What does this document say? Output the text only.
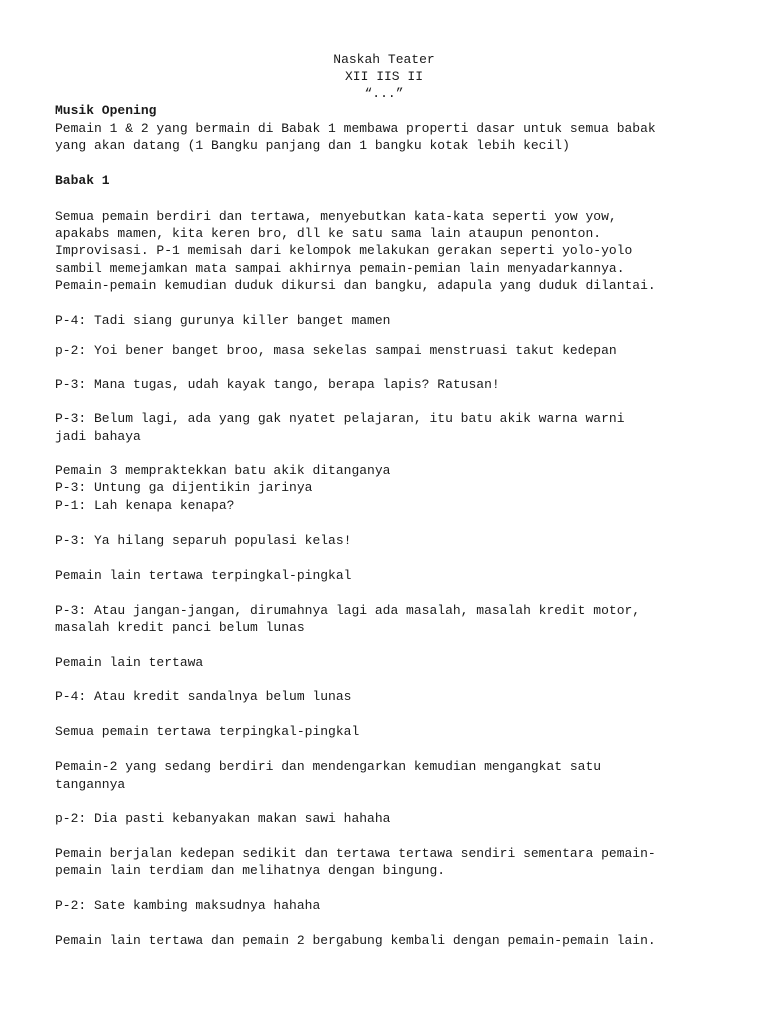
Naskah Teater
XII IIS II
“...”
Musik Opening
Pemain 1 & 2 yang bermain di Babak 1 membawa properti dasar untuk semua babak
yang akan datang (1 Bangku panjang dan 1 bangku kotak lebih kecil)
Babak 1
Semua pemain berdiri dan tertawa, menyebutkan kata-kata seperti yow yow,
apakabs mamen, kita keren bro, dll ke satu sama lain ataupun penonton.
Improvisasi. P-1 memisah dari kelompok melakukan gerakan seperti yolo-yolo
sambil memejamkan mata sampai akhirnya pemain-pemian lain menyadarkannya.
Pemain-pemain kemudian duduk dikursi dan bangku, adapula yang duduk dilantai.
P-4: Tadi siang gurunya killer banget mamen
p-2: Yoi bener banget broo, masa sekelas sampai menstruasi takut kedepan
P-3: Mana tugas, udah kayak tango, berapa lapis? Ratusan!
P-3: Belum lagi, ada yang gak nyatet pelajaran, itu batu akik warna warni
jadi bahaya
Pemain 3 mempraktekkan batu akik ditanganya
P-3: Untung ga dijentikin jarinya
P-1: Lah kenapa kenapa?
P-3: Ya hilang separuh populasi kelas!
Pemain lain tertawa terpingkal-pingkal
P-3: Atau jangan-jangan, dirumahnya lagi ada masalah, masalah kredit motor,
masalah kredit panci belum lunas
Pemain lain tertawa
P-4: Atau kredit sandalnya belum lunas
Semua pemain tertawa terpingkal-pingkal
Pemain-2 yang sedang berdiri dan mendengarkan kemudian mengangkat satu
tangannya
p-2: Dia pasti kebanyakan makan sawi hahaha
Pemain berjalan kedepan sedikit dan tertawa tertawa sendiri sementara pemain-
pemain lain terdiam dan melihatnya dengan bingung.
P-2: Sate kambing maksudnya hahaha
Pemain lain tertawa dan pemain 2 bergabung kembali dengan pemain-pemain lain.
